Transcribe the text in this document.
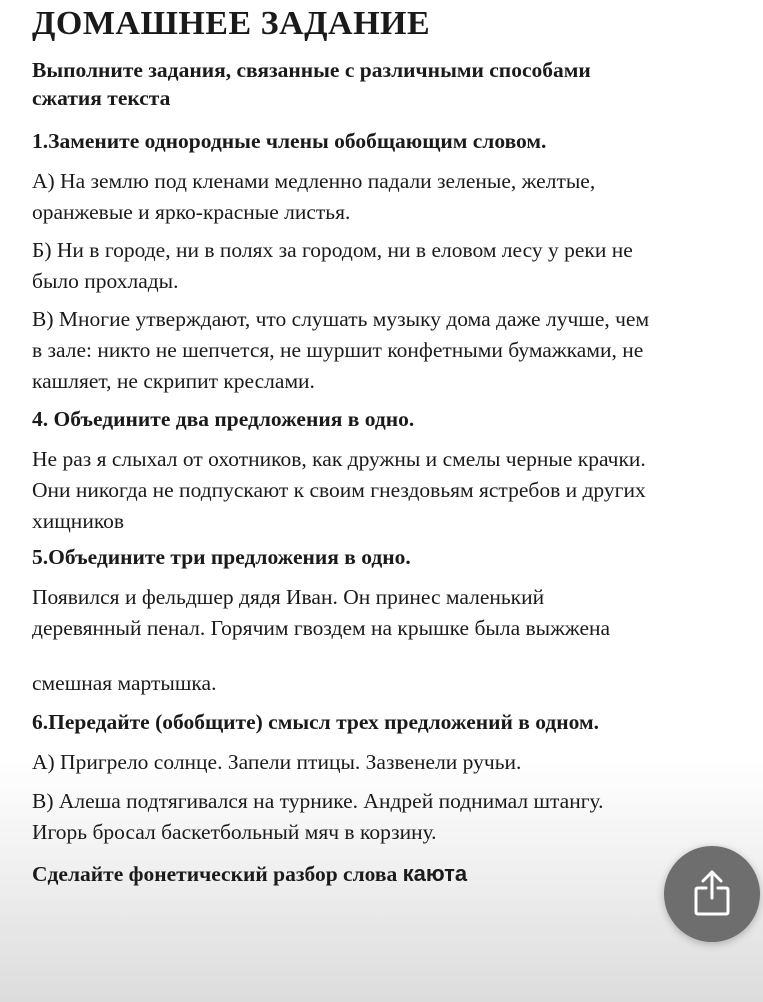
ДОМАШНЕЕ ЗАДАНИЕ
Выполните задания, связанные с различными способами
сжатия текста
1.Замените однородные члены обобщающим словом.
А) На землю под кленами медленно падали зеленые, желтые,
оранжевые и ярко-красные листья.
Б) Ни в городе, ни в полях за городом, ни в еловом лесу у реки не
было прохлады.
В) Многие утверждают, что слушать музыку дома даже лучше, чем
в зале: никто не шепчется, не шуршит конфетными бумажками, не
кашляет, не скрипит креслами.
4. Объедините два предложения в одно.
Не раз я слыхал от охотников, как дружны и смелы черные крачки.
Они никогда не подпускают к своим гнездовьям ястребов и других
хищников
5.Объедините три предложения в одно.
Появился и фельдшер дядя Иван. Он принес маленький
деревянный пенал. Горячим гвоздем на крышке была выжжена
смешная мартышка.
6.Передайте (обобщите) смысл трех предложений в одном.
А) Пригрело солнце. Запели птицы. Зазвенели ручьи.
В) Алеша подтягивался на турнике. Андрей поднимал штангу.
Игорь бросал баскетбольный мяч в корзину.
Сделайте фонетический разбор слова каюта
